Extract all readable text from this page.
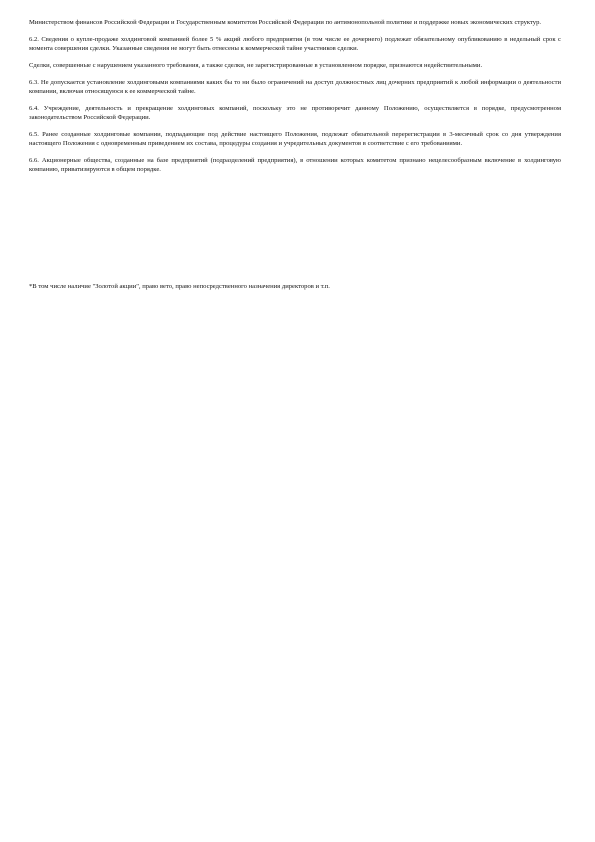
Министерством финансов Российской Федерации и Государственным комитетом Российской Федерации по антимонопольной политике и поддержке новых экономических структур.

6.2. Сведения о купле-продаже холдинговой компанией более 5 % акций любого предприятия (в том числе ее дочернего) подлежат обязательному опубликованию в недельный срок с момента совершения сделки. Указанные сведения не могут быть отнесены к коммерческой тайне участников сделки.

Сделки, совершенные с нарушением указанного требования, а также сделки, не зарегистрированные в установленном порядке, признаются недействительными.

6.3. Не допускается установление холдинговыми компаниями каких бы то ни было ограничений на доступ должностных лиц дочерних предприятий к любой информации о деятельности компании, включая относящуюся к ее коммерческой тайне.

6.4. Учреждение, деятельность и прекращение холдинговых компаний, поскольку это не противоречит данному Положению, осуществляется в порядке, предусмотренном законодательством Российской Федерации.

6.5. Ранее созданные холдинговые компании, подпадающие под действие настоящего Положения, подлежат обязательной перерегистрации в 3-месячный срок со дня утверждения настоящего Положения с одновременным приведением их состава, процедуры создания и учредительных документов в соответствие с его требованиями.

6.6. Акционерные общества, созданные на базе предприятий (подразделений предприятия), в отношении которых комитетом признано нецелесообразным включение в холдинговую компанию, приватизируются в общем порядке.

*В том числе наличие "Золотой акции", право вето, право непосредственного назначения директоров и т.п.
